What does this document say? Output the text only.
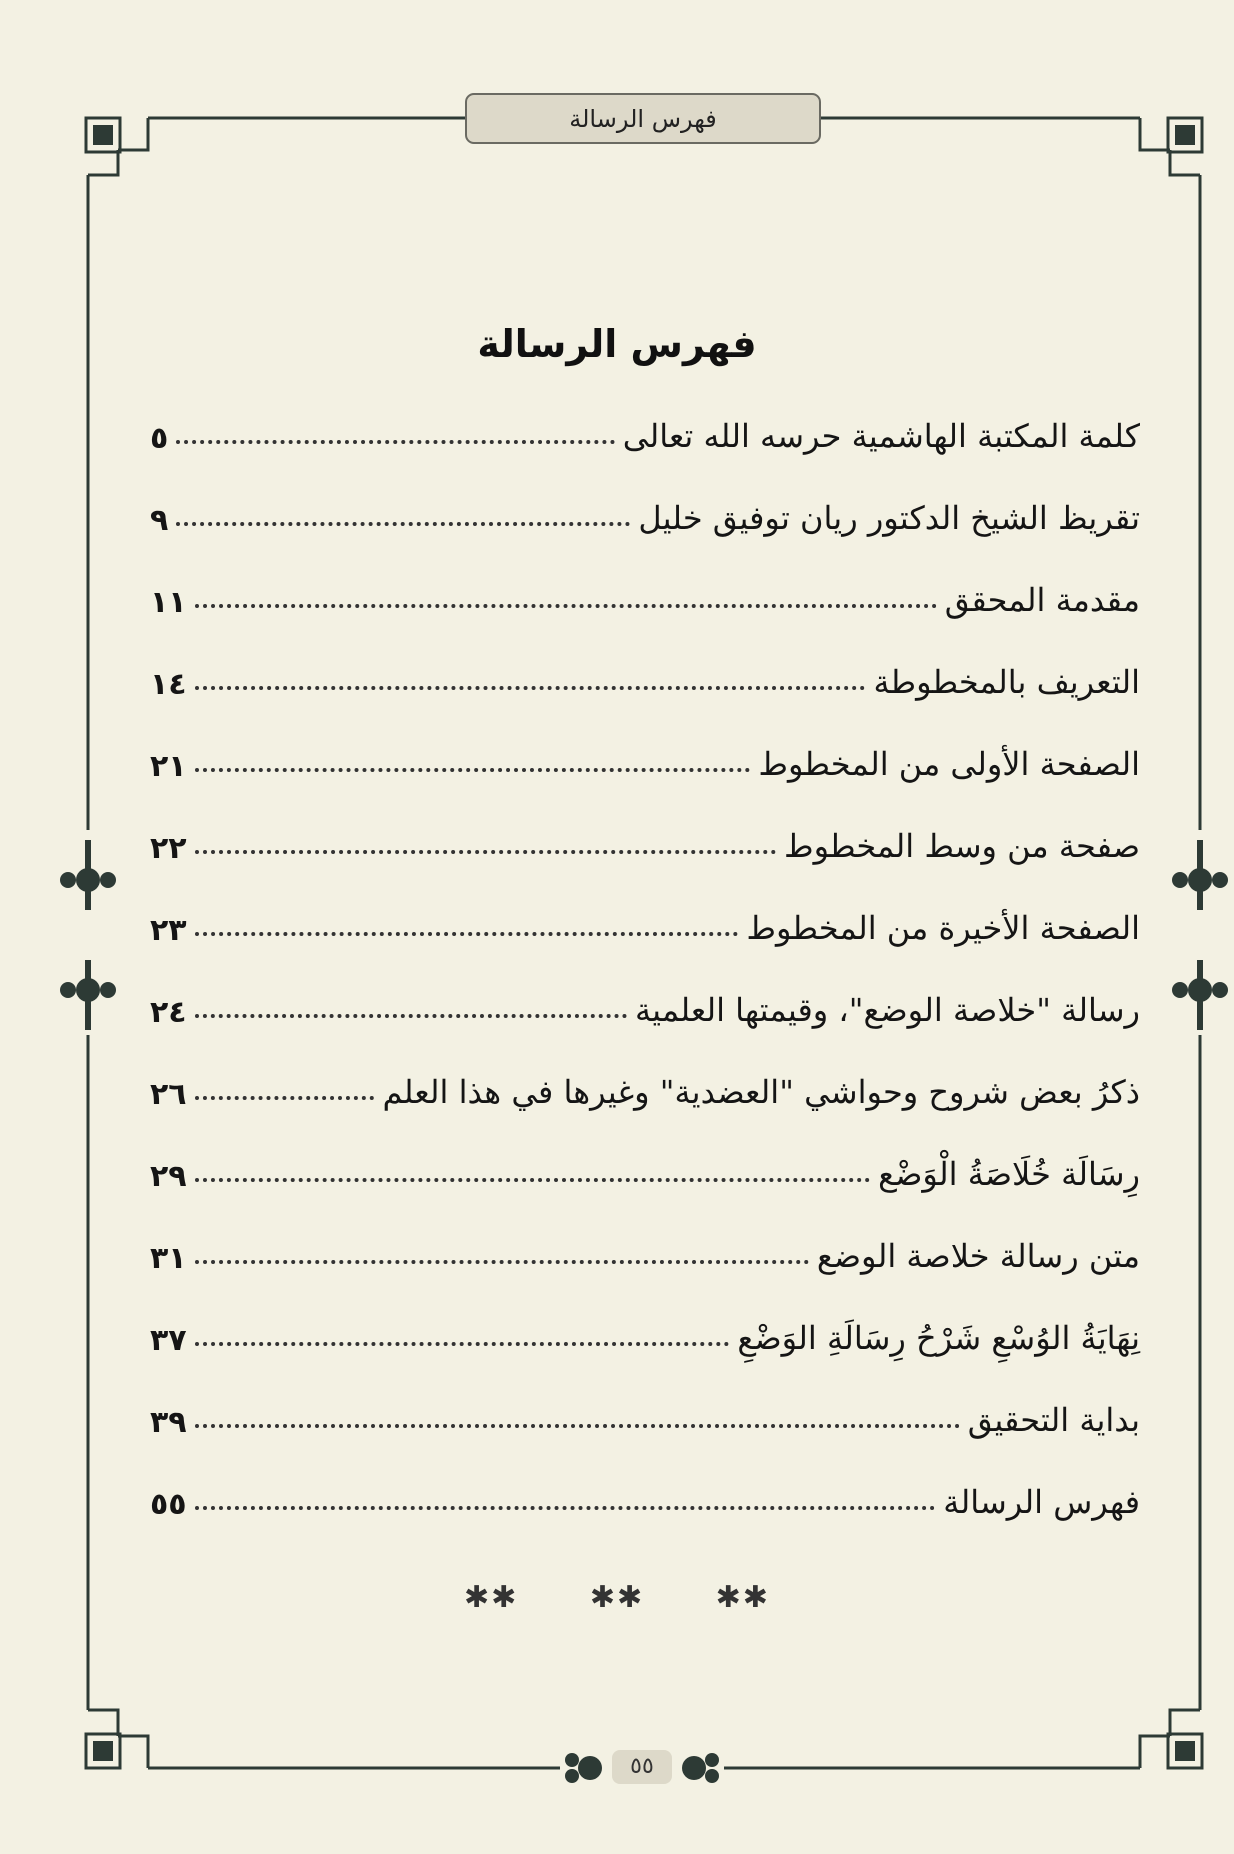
فهرس الرسالة
فهرس الرسالة
كلمة المكتبة الهاشمية حرسه الله تعالى
٥
تقريظ الشيخ الدكتور ريان توفيق خليل
٩
مقدمة المحقق
١١
التعريف بالمخطوطة
١٤
الصفحة الأولى من المخطوط
٢١
صفحة من وسط المخطوط
٢٢
الصفحة الأخيرة من المخطوط
٢٣
رسالة "خلاصة الوضع"، وقيمتها العلمية
٢٤
ذكرُ بعض شروح وحواشي "العضدية" وغيرها في هذا العلم
٢٦
رِسَالَة خُلَاصَةُ الْوَضْع
٢٩
متن رسالة خلاصة الوضع
٣١
نِهَايَةُ الوُسْعِ شَرْحُ رِسَالَةِ الوَضْعِ
٣٧
بداية التحقيق
٣٩
فهرس الرسالة
٥٥
✱✱ ✱✱ ✱✱
٥٥
